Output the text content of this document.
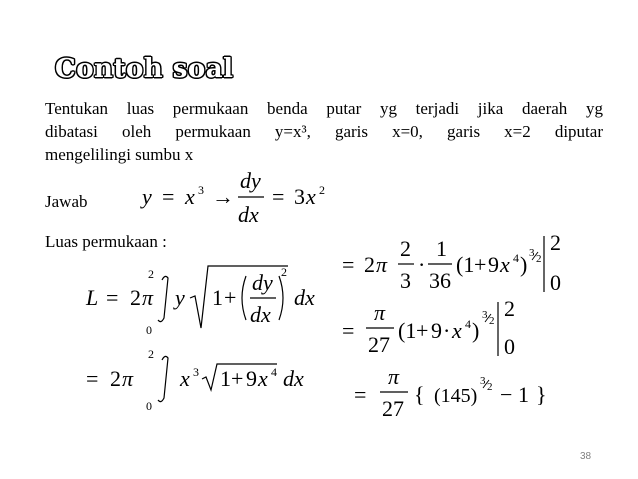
Contoh soal
Tentukan luas permukaan benda putar yg terjadi jika daerah yg
dibatasi oleh permukaan y=x³, garis x=0, garis x=2 diputar
mengelilingi sumbu x
Jawab
Luas permukaan :
y = x 3 →
dy
dx
= 3 x 2
L = 2 π
2
0
y 1 +
dy
dx
2
dx
= 2 π
2
0
x 3 1 + 9 x 4 dx
= 2 π
2
3
·
1
36
(1 + 9 x 4 ) 3 2
2
0
=
π
27
(1 + 9 · x 4 )
3 2 2
0
=
π
27
{ (145)
3 2 − 1 }
38
